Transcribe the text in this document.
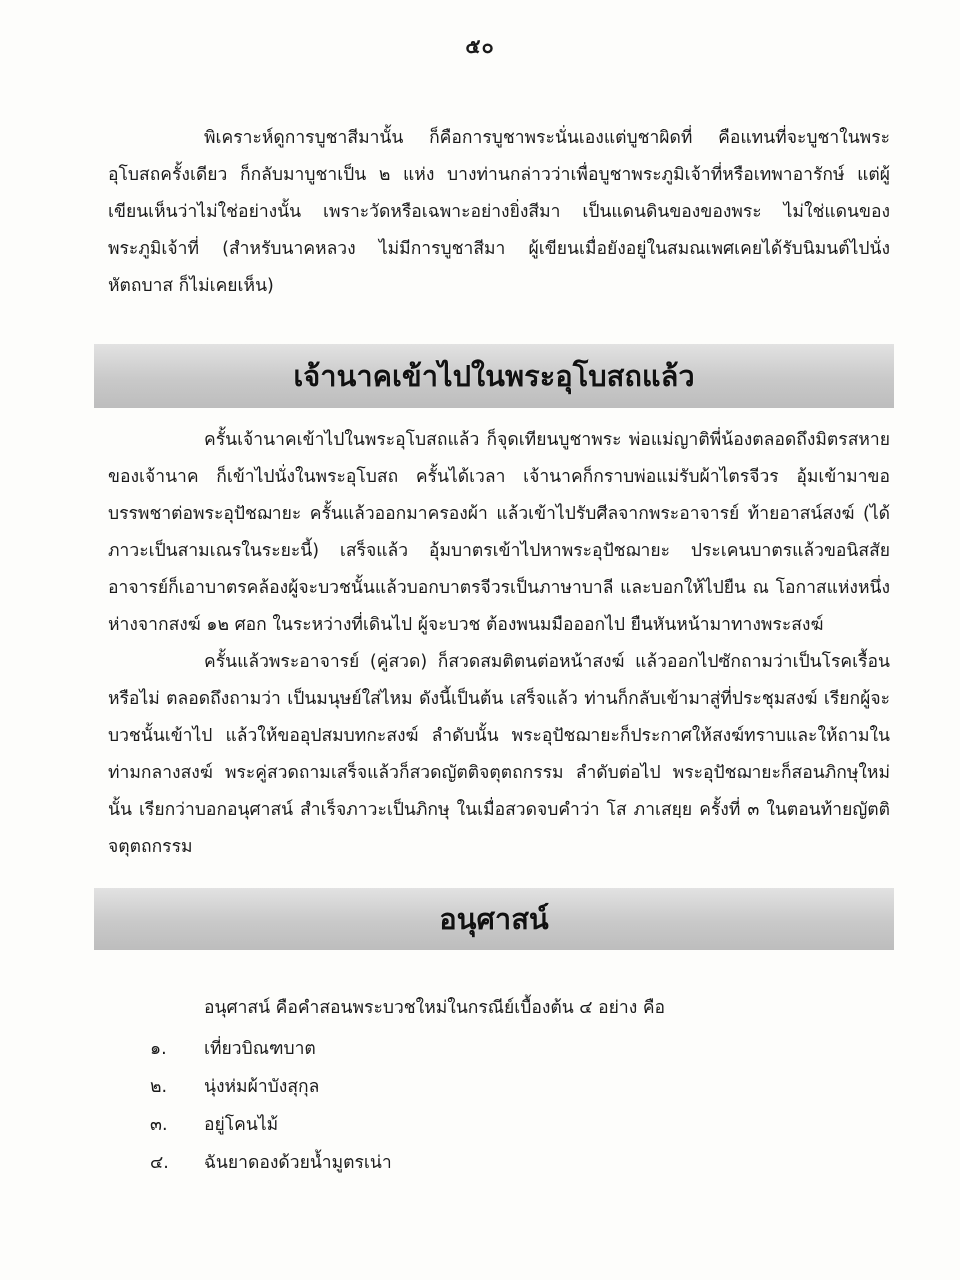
๕๐

พิเคราะห์ดูการบูชาสีมานั้น ก็คือการบูชาพระนั่นเองแต่บูชาผิดที่ คือแทนที่จะบูชาในพระอุโบสถครั้งเดียว ก็กลับมาบูชาเป็น ๒ แห่ง บางท่านกล่าวว่าเพื่อบูชาพระภูมิเจ้าที่หรือเทพาอารักษ์ แต่ผู้เขียนเห็นว่าไม่ใช่อย่างนั้น เพราะวัดหรือเฉพาะอย่างยิ่งสีมา เป็นแดนดินของของพระ ไม่ใช่แดนของพระภูมิเจ้าที่ (สำหรับนาคหลวง ไม่มีการบูชาสีมา ผู้เขียนเมื่อยังอยู่ในสมณเพศเคยได้รับนิมนต์ไปนั่งหัตถบาส ก็ไม่เคยเห็น)

เจ้านาคเข้าไปในพระอุโบสถแล้ว

ครั้นเจ้านาคเข้าไปในพระอุโบสถแล้ว ก็จุดเทียนบูชาพระ พ่อแม่ญาติพี่น้องตลอดถึงมิตรสหายของเจ้านาค ก็เข้าไปนั่งในพระอุโบสถ ครั้นได้เวลา เจ้านาคก็กราบพ่อแม่รับผ้าไตรจีวร อุ้มเข้ามาขอบรรพชาต่อพระอุปัชฌายะ ครั้นแล้วออกมาครองผ้า แล้วเข้าไปรับศีลจากพระอาจารย์ ท้ายอาสน์สงฆ์ (ได้ภาวะเป็นสามเณรในระยะนี้) เสร็จแล้ว อุ้มบาตรเข้าไปหาพระอุปัชฌายะ ประเคนบาตรแล้วขอนิสสัย อาจารย์ก็เอาบาตรคล้องผู้จะบวชนั้นแล้วบอกบาตรจีวรเป็นภาษาบาลี และบอกให้ไปยืน ณ โอกาสแห่งหนึ่ง ห่างจากสงฆ์ ๑๒ ศอก ในระหว่างที่เดินไป ผู้จะบวช ต้องพนมมือออกไป ยืนหันหน้ามาทางพระสงฆ์

ครั้นแล้วพระอาจารย์ (คู่สวด) ก็สวดสมติตนต่อหน้าสงฆ์ แล้วออกไปซักถามว่าเป็นโรคเรื้อนหรือไม่ ตลอดถึงถามว่า เป็นมนุษย์ใส่ไหม ดังนี้เป็นต้น เสร็จแล้ว ท่านก็กลับเข้ามาสู่ที่ประชุมสงฆ์ เรียกผู้จะบวชนั้นเข้าไป แล้วให้ขออุปสมบทกะสงฆ์ ลำดับนั้น พระอุปัชฌายะก็ประกาศให้สงฆ์ทราบและให้ถามในท่ามกลางสงฆ์ พระคู่สวดถามเสร็จแล้วก็สวดญัตติจตุตถกรรม ลำดับต่อไป พระอุปัชฌายะก็สอนภิกษุใหม่นั้น เรียกว่าบอกอนุศาสน์ สำเร็จภาวะเป็นภิกษุ ในเมื่อสวดจบคำว่า โส ภาเสยฺย ครั้งที่ ๓ ในตอนท้ายญัตติจตุตถกรรม

อนุศาสน์

อนุศาสน์ คือคำสอนพระบวชใหม่ในกรณีย์เบื้องต้น ๔ อย่าง คือ

๑.	เที่ยวบิณฑบาต
๒.	นุ่งห่มผ้าบังสุกุล
๓.	อยู่โคนไม้
๔.	ฉันยาดองด้วยน้ำมูตรเน่า
